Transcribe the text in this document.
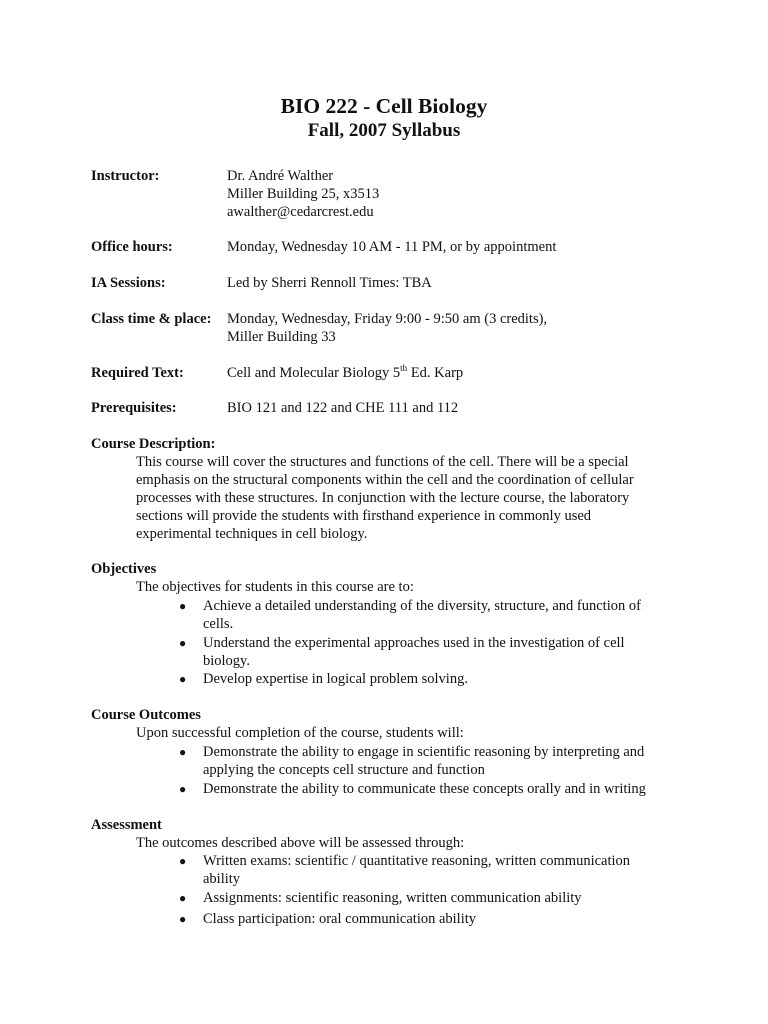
BIO 222 - Cell Biology
Fall, 2007 Syllabus
Instructor:	Dr. André Walther
Miller Building 25, x3513
awalther@cedarcrest.edu
Office hours:	Monday, Wednesday 10 AM - 11 PM, or by appointment
IA Sessions:	Led by Sherri Rennoll Times: TBA
Class time & place: Monday, Wednesday, Friday 9:00 - 9:50 am (3 credits),
Miller Building 33
Required Text:	Cell and Molecular Biology 5th Ed. Karp
Prerequisites:	BIO 121 and 122 and CHE 111 and 112
Course Description:
This course will cover the structures and functions of the cell. There will be a special
emphasis on the structural components within the cell and the coordination of cellular
processes with these structures. In conjunction with the lecture course, the laboratory
sections will provide the students with firsthand experience in commonly used
experimental techniques in cell biology.
Objectives
The objectives for students in this course are to:
● Achieve a detailed understanding of the diversity, structure, and function of
cells.
● Understand the experimental approaches used in the investigation of cell
biology.
● Develop expertise in logical problem solving.
Course Outcomes
Upon successful completion of the course, students will:
● Demonstrate the ability to engage in scientific reasoning by interpreting and
applying the concepts cell structure and function
● Demonstrate the ability to communicate these concepts orally and in writing
Assessment
The outcomes described above will be assessed through:
● Written exams: scientific / quantitative reasoning, written communication
ability
● Assignments: scientific reasoning, written communication ability
● Class participation: oral communication ability
